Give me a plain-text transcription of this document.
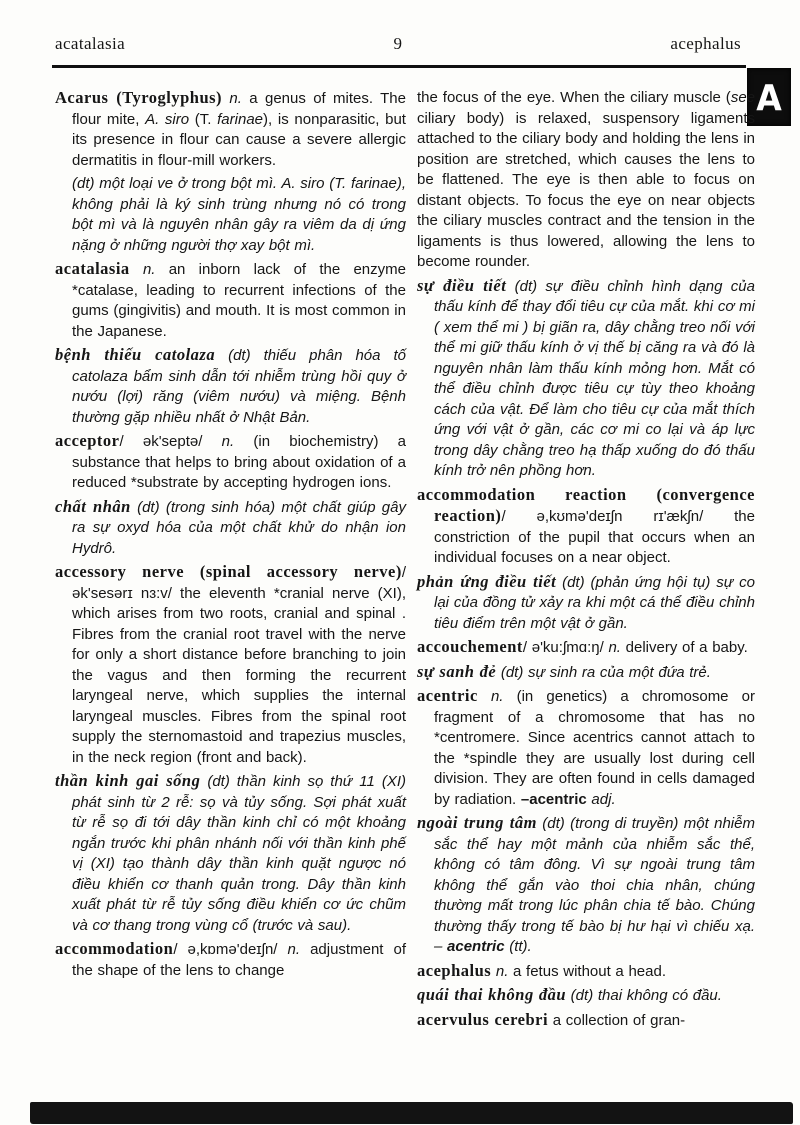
acatalasia	9	acephalus
A

Acarus (Tyroglyphus) n. a genus of mites. The flour mite, A. siro (T. farinae), is nonparasitic, but its presence in flour can cause a severe allergic dermatitis in flour-mill workers.

(dt) một loại ve ở trong bột mì. A. siro (T. farinae), không phải là ký sinh trùng nhưng nó có trong bột mì và là nguyên nhân gây ra viêm da dị ứng nặng ở những người thợ xay bột mì.

acatalasia n. an inborn lack of the enzyme *catalase, leading to recurrent infections of the gums (gingivitis) and mouth. It is most common in the Japanese.

bệnh thiếu catolaza (dt) thiếu phân hóa tố catolaza bẩm sinh dẫn tới nhiễm trùng hồi quy ở nướu (lợi) răng (viêm nướu) và miệng. Bệnh thường gặp nhiều nhất ở Nhật Bản.

acceptor/ ək'septə/ n. (in biochemistry) a substance that helps to bring about oxidation of a reduced *substrate by accepting hydrogen ions.

chất nhân (dt) (trong sinh hóa) một chất giúp gây ra sự oxyd hóa của một chất khử do nhận ion Hydrô.

accessory nerve (spinal accessory nerve)/ ək'sesərɪ nɜ:v/ the eleventh *cranial nerve (XI), which arises from two roots, cranial and spinal . Fibres from the cranial root travel with the nerve for only a short distance before branching to join the vagus and then forming the recurrent laryngeal nerve, which supplies the internal laryngeal muscles. Fibres from the spinal root supply the sternomastoid and trapezius muscles, in the neck region (front and back).

thần kinh gai sống (dt) thần kinh sọ thứ 11 (XI) phát sinh từ 2 rễ: sọ và tủy sống. Sợi phát xuất từ rễ sọ đi tới dây thần kinh chỉ có một khoảng ngắn trước khi phân nhánh nối với thần kinh phế vị (XI) tạo thành dây thần kinh quặt ngược nó điều khiển cơ thanh quản trong. Dây thần kinh xuất phát từ rễ tủy sống điều khiển cơ ức chũm và cơ thang trong vùng cổ (trước và sau).

accommodation/ ə,kɒmə'deɪʃn/ n. adjustment of the shape of the lens to change

the focus of the eye. When the ciliary muscle (see ciliary body) is relaxed, suspensory ligaments attached to the ciliary body and holding the lens in position are stretched, which causes the lens to be flattened. The eye is then able to focus on distant objects. To focus the eye on near objects the ciliary muscles contract and the tension in the ligaments is thus lowered, allowing the lens to become rounder.

sự điều tiết (dt) sự điều chỉnh hình dạng của thấu kính để thay đổi tiêu cự của mắt. khi cơ mi ( xem thể mi ) bị giãn ra, dây chằng treo nối với thể mi giữ thấu kính ở vị thế bị căng ra và đó là nguyên nhân làm thấu kính mỏng hơn. Mắt có thể điều chỉnh được tiêu cự tùy theo khoảng cách của vật. Để làm cho tiêu cự của mắt thích ứng với vật ở gần, các cơ mi co lại và áp lực trong dây chằng treo hạ thấp xuống do đó thấu kính trở nên phồng hơn.

accommodation reaction (convergence reaction)/ ə,kʊmə'deɪʃn rɪ'ækʃn/ the constriction of the pupil that occurs when an individual focuses on a near object.

phản ứng điều tiết (dt) (phản ứng hội tụ) sự co lại của đồng tử xảy ra khi một cá thể điều chỉnh tiêu điểm trên một vật ở gần.

accouchement/ ə'ku:ʃmɑ:ŋ/ n. delivery of a baby.

sự sanh đẻ (dt) sự sinh ra của một đứa trẻ.

acentric n. (in genetics) a chromosome or fragment of a chromosome that has no *centromere. Since acentrics cannot attach to the *spindle they are usually lost during cell division. They are often found in cells damaged by radiation. –acentric adj.

ngoài trung tâm (dt) (trong di truyền) một nhiễm sắc thể hay một mảnh của nhiễm sắc thể, không có tâm đông. Vì sự ngoài trung tâm không thể gắn vào thoi chia nhân, chúng thường mất trong lúc phân chia tế bào. Chúng thường thấy trong tế bào bị hư hại vì chiếu xạ. – acentric (tt).

acephalus n. a fetus without a head.

quái thai không đầu (dt) thai không có đầu.

acervulus cerebri a collection of gran-
